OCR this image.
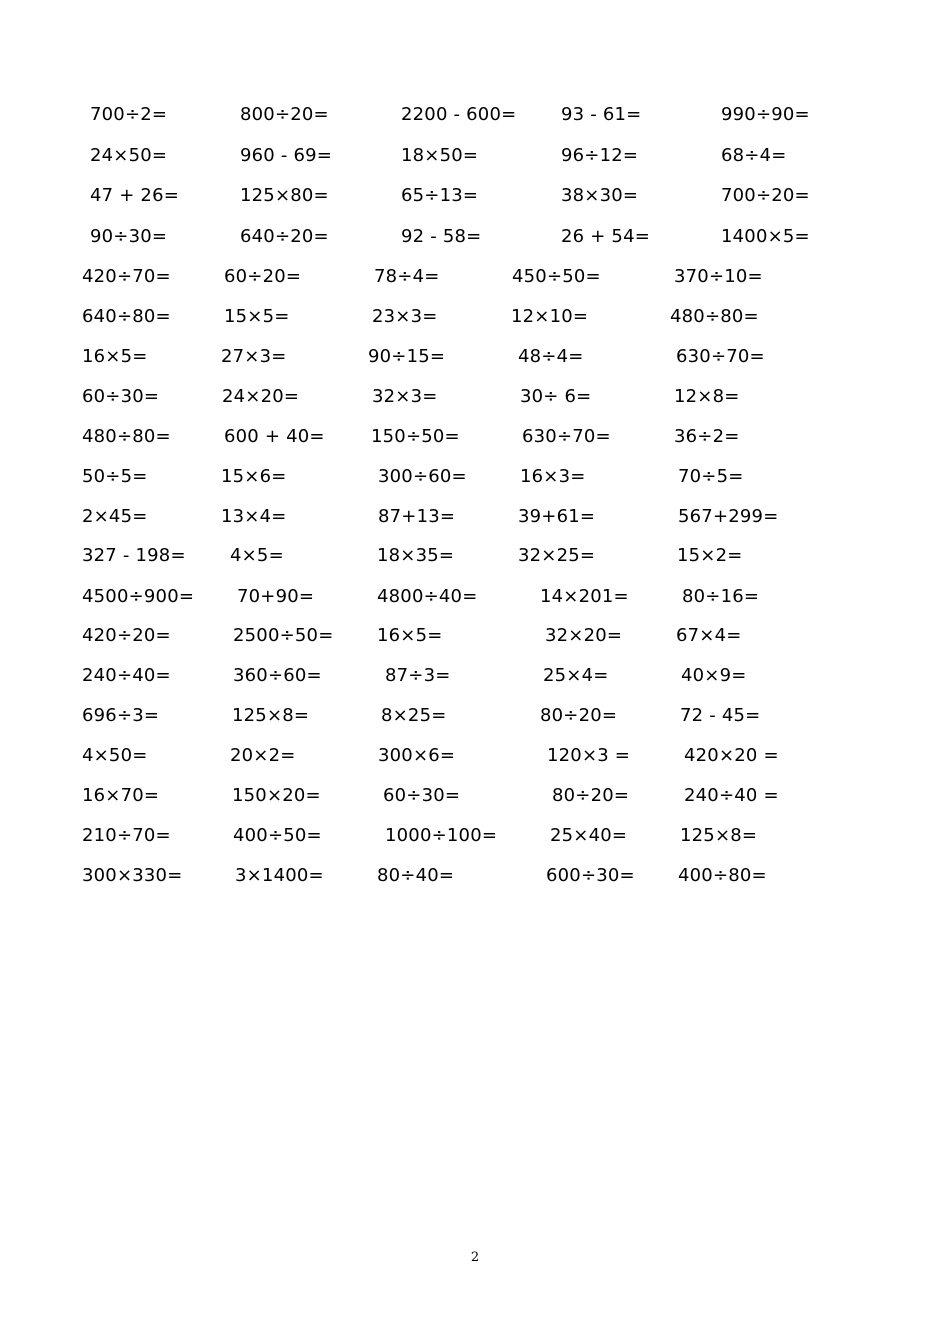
700÷2=	800÷20=	2200 - 600= 93 - 61=	990÷90=
24×50=	960 - 69=	18×50=	96÷12=	68÷4=
47 + 26=	125×80=	65÷13=	38×30=	700÷20=
90÷30=	640÷20=	92 - 58=	26 + 54=	1400×5=
420÷70=	60÷20=	78÷4=	450÷50=	370÷10=
640÷80=	15×5=	23×3=	12×10=	480÷80=
16×5=	27×3=	90÷15=	48÷4=	630÷70=
60÷30=	24×20=	32×3=	30÷ 6=	12×8=
480÷80=	600 + 40=	150÷50=	630÷70=	36÷2=
50÷5=	15×6=	300÷60=	16×3=	70÷5=
2×45=	13×4=	87+13=	39+61=	567+299=
327 - 198= 4×5=	18×35=	32×25=	15×2=
4500÷900= 70+90=	4800÷40=	14×201=	80÷16=
420÷20=	2500÷50= 16×5=	32×20=	67×4=
240÷40=	360÷60=	87÷3=	25×4=	40×9=
696÷3=	125×8=	8×25=	80÷20=	72 - 45=
4×50=	20×2=	300×6=	120×3 =	420×20 =
16×70=	150×20=	60÷30=	80÷20=	240÷40 =
210÷70=	400÷50=	1000÷100=	25×40=	125×8=
300×330=	3×1400=	80÷40=	600÷30= 400÷80=
2
